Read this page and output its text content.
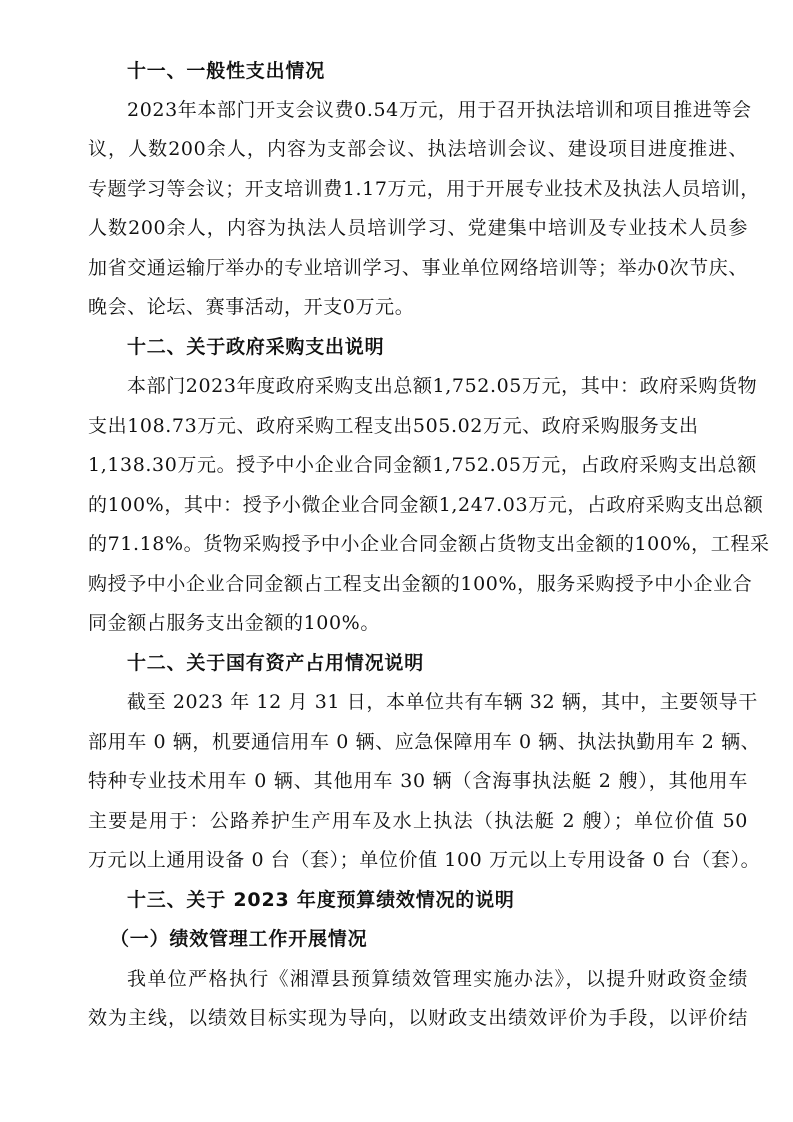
十一、一般性支出情况
2023年本部门开支会议费0.54万元，用于召开执法培训和项目推进等会
议，人数200余人，内容为支部会议、执法培训会议、建设项目进度推进、
专题学习等会议；开支培训费1.17万元，用于开展专业技术及执法人员培训，
人数200余人，内容为执法人员培训学习、党建集中培训及专业技术人员参
加省交通运输厅举办的专业培训学习、事业单位网络培训等；举办0次节庆、
晚会、论坛、赛事活动，开支0万元。
十二、关于政府采购支出说明
本部门2023年度政府采购支出总额1,752.05万元，其中：政府采购货物
支出108.73万元、政府采购工程支出505.02万元、政府采购服务支出
1,138.30万元。授予中小企业合同金额1,752.05万元，占政府采购支出总额
的100%，其中：授予小微企业合同金额1,247.03万元，占政府采购支出总额
的71.18%。货物采购授予中小企业合同金额占货物支出金额的100%，工程采
购授予中小企业合同金额占工程支出金额的100%，服务采购授予中小企业合
同金额占服务支出金额的100%。
十二、关于国有资产占用情况说明
截至 2023 年 12 月 31 日，本单位共有车辆 32 辆，其中，主要领导干
部用车 0 辆，机要通信用车 0 辆、应急保障用车 0 辆、执法执勤用车 2 辆、
特种专业技术用车 0 辆、其他用车 30 辆（含海事执法艇 2 艘），其他用车
主要是用于：公路养护生产用车及水上执法（执法艇 2 艘）；单位价值 50
万元以上通用设备 0 台（套）；单位价值 100 万元以上专用设备 0 台（套）。
十三、关于 2023 年度预算绩效情况的说明
（一）绩效管理工作开展情况
我单位严格执行《湘潭县预算绩效管理实施办法》，以提升财政资金绩
效为主线，以绩效目标实现为导向，以财政支出绩效评价为手段，以评价结
